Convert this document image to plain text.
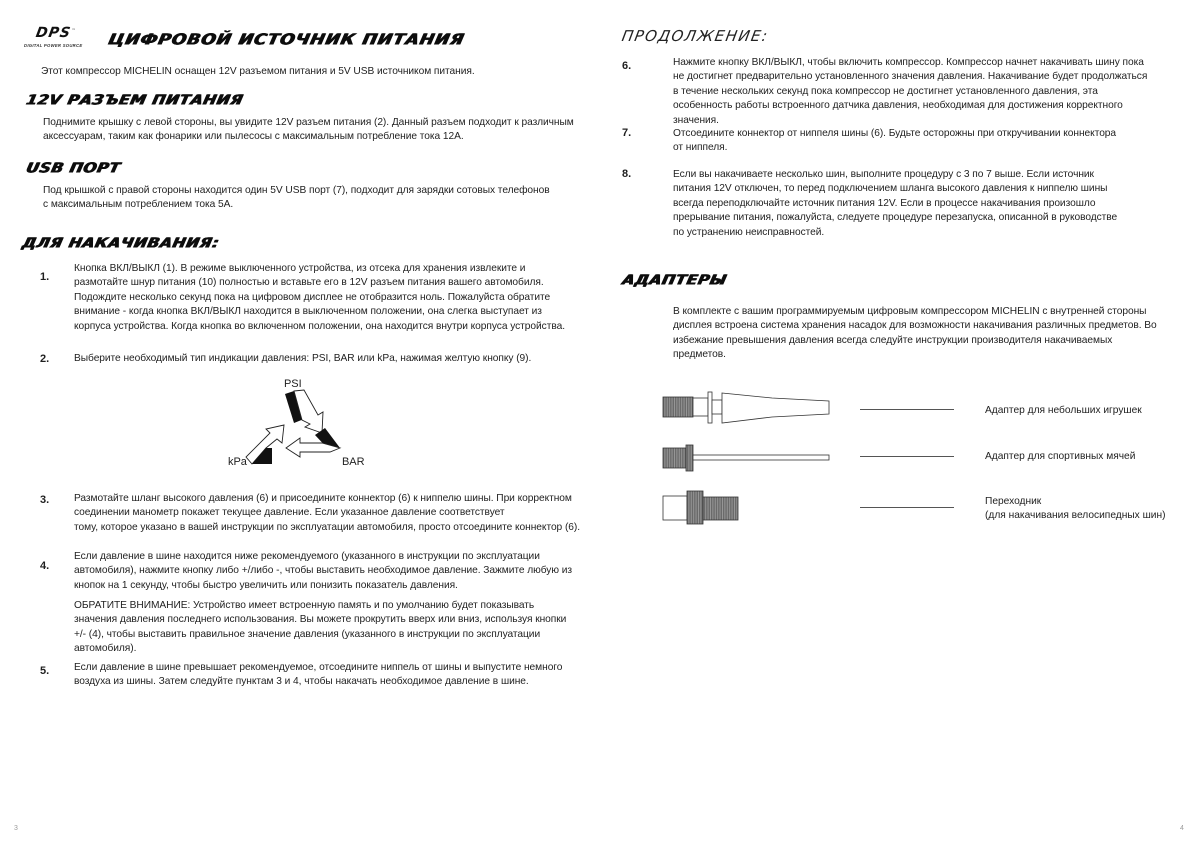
DPS™
DIGITAL POWER SOURCE ЦИФРОВОЙ ИСТОЧНИК ПИТАНИЯ

Этот компрессор MICHELIN оснащен 12V разъемом питания и 5V USB источником питания.

12V РАЗЪЕМ ПИТАНИЯ

Поднимите крышку с левой стороны, вы увидите 12V разъем питания (2). Данный разъем подходит к различным

аксессуарам, таким как фонарики или пылесосы с максимальным потребление тока 12A.

USB ПОРТ

Под крышкой с правой стороны находится один 5V USB порт (7), подходит для зарядки сотовых телефонов

с максимальным потреблением тока 5A.

ДЛЯ НАКАЧИВАНИЯ:
1.

Кнопка ВКЛ/ВЫКЛ (1). В режиме выключенного устройства, из отсека для хранения извлеките и

размотайте шнур питания (10) полностью и вставьте его в 12V разъем питания вашего автомобиля.

Подождите несколько секунд пока на цифровом дисплее не отобразится ноль. Пожалуйста обратите

внимание - когда кнопка ВКЛ/ВЫКЛ находится в выключенном положении, она слегка выступает из

корпуса устройства. Когда кнопка во включенном положении, она находится внутри корпуса устройства.

2. Выберите необходимый тип индикации давления: PSI, BAR или kPa, нажимая желтую кнопку (9).

PSI
BAR
kPa
3. Размотайте шланг высокого давления (6) и присоедините коннектор (6) к ниппелю шины. При корректном

соединении манометр покажет текущее давление. Если указанное давление соответствует

тому, которое указано в вашей инструкции по эксплуатации автомобиля, просто отсоедините коннектор (6).

4.

Если давление в шине находится ниже рекомендуемого (указанного в инструкции по эксплуатации

автомобиля), нажмите кнопку либо +/либо -, чтобы выставить необходимое давление. Зажмите любую из

кнопок на 1 секунду, чтобы быстро увеличить или понизить показатель давления.

ОБРАТИТЕ ВНИМАНИЕ: Устройство имеет встроенную память и по умолчанию будет показывать

значения давления последнего использования. Вы можете прокрутить вверх или вниз, используя кнопки

+/- (4), чтобы выставить правильное значение давления (указанного в инструкции по эксплуатации

автомобиля).

5. Если давление в шине превышает рекомендуемое, отсоедините ниппель от шины и выпустите немного

воздуха из шины. Затем следуйте пунктам 3 и 4, чтобы накачать необходимое давление в шине.

3
ПРОДОЛЖЕНИЕ:
6.	Нажмите кнопку ВКЛ/ВЫКЛ, чтобы включить компрессор. Компрессор начнет накачивать шину пока

не достигнет предварительно установленного значения давления. Накачивание будет продолжаться

в течение нескольких секунд пока компрессор не достигнет установленного давления, эта

особенность работы встроенного датчика давления, необходимая для достижения корректного

значения.

7.	Отсоедините коннектор от ниппеля шины (6). Будьте осторожны при откручивании коннектора

от ниппеля.

8.	Если вы накачиваете несколько шин, выполните процедуру с 3 по 7 выше. Если источник

питания 12V отключен, то перед подключением шланга высокого давления к ниппелю шины

всегда переподключайте источник питания 12V. Если в процессе накачивания произошло

прерывание питания, пожалуйста, следуете процедуре перезапуска, описанной в руководстве

по устранению неисправностей.

АДАПТЕРЫ

В комплекте с вашим программируемым цифровым компрессором MICHELIN с внутренней стороны

дисплея встроена система хранения насадок для возможности накачивания различных предметов. Во

избежание превышения давления всегда следуйте инструкции производителя накачиваемых

предметов.

Адаптер для небольших игрушек
Адаптер для спортивных мячей

Переходник

(для накачивания велосипедных шин)

4
